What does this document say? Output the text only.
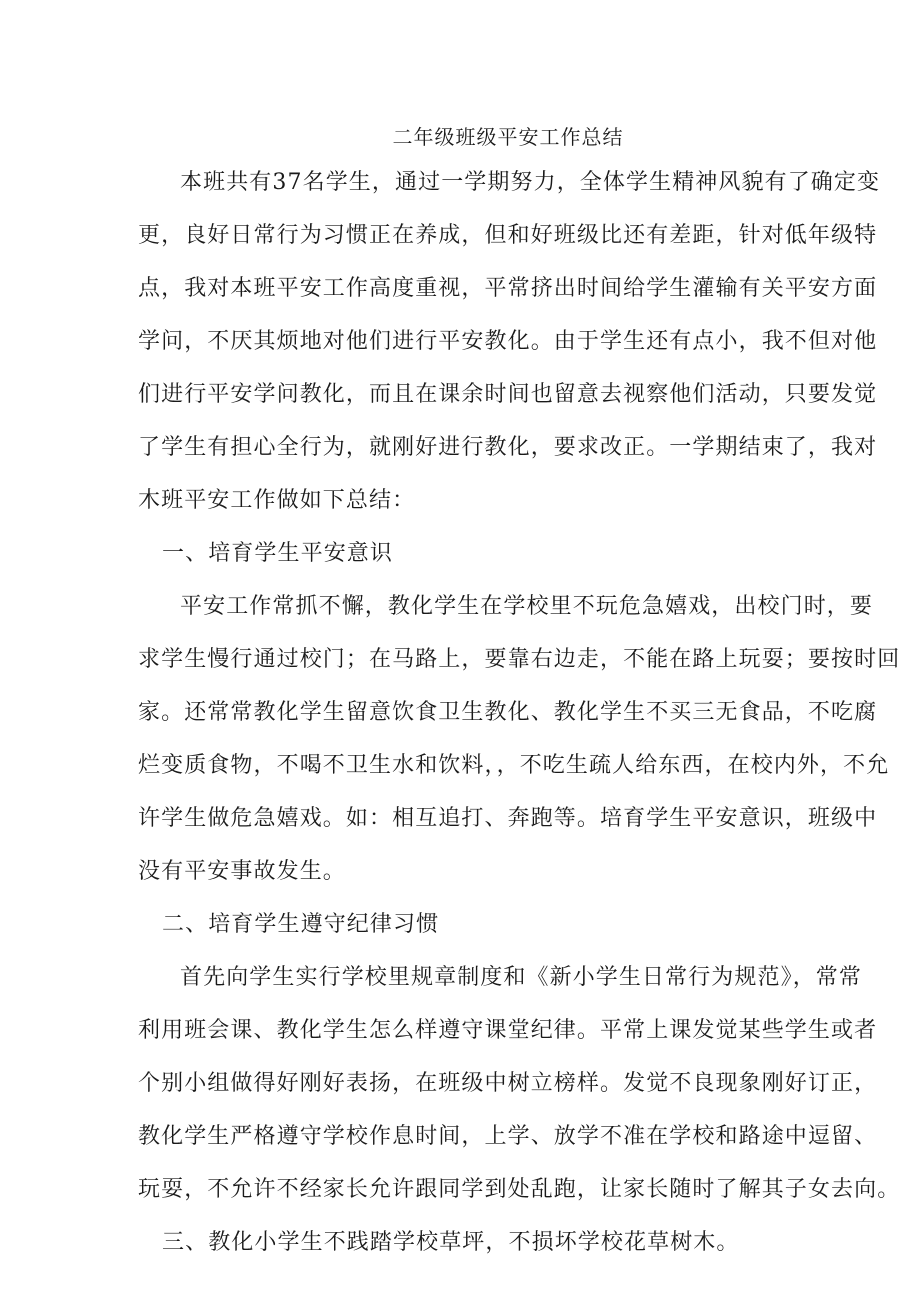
二年级班级平安工作总结
本班共有37名学生，通过一学期努力，全体学生精神风貌有了确定变
更，良好日常行为习惯正在养成，但和好班级比还有差距，针对低年级特
点，我对本班平安工作高度重视，平常挤出时间给学生灌输有关平安方面
学问，不厌其烦地对他们进行平安教化。由于学生还有点小，我不但对他
们进行平安学问教化，而且在课余时间也留意去视察他们活动，只要发觉
了学生有担心全行为，就刚好进行教化，要求改正。一学期结束了，我对
木班平安工作做如下总结：
一、培育学生平安意识
平安工作常抓不懈，教化学生在学校里不玩危急嬉戏，出校门时，要
求学生慢行通过校门；在马路上，要靠右边走，不能在路上玩耍；要按时回
家。还常常教化学生留意饮食卫生教化、教化学生不买三无食品，不吃腐
烂变质食物，不喝不卫生水和饮料，，不吃生疏人给东西，在校内外，不允
许学生做危急嬉戏。如：相互追打、奔跑等。培育学生平安意识，班级中
没有平安事故发生。
二、培育学生遵守纪律习惯
首先向学生实行学校里规章制度和《新小学生日常行为规范》，常常
利用班会课、教化学生怎么样遵守课堂纪律。平常上课发觉某些学生或者
个别小组做得好刚好表扬，在班级中树立榜样。发觉不良现象刚好订正，
教化学生严格遵守学校作息时间，上学、放学不准在学校和路途中逗留、
玩耍，不允许不经家长允许跟同学到处乱跑，让家长随时了解其子女去向。
三、教化小学生不践踏学校草坪，不损坏学校花草树木。
